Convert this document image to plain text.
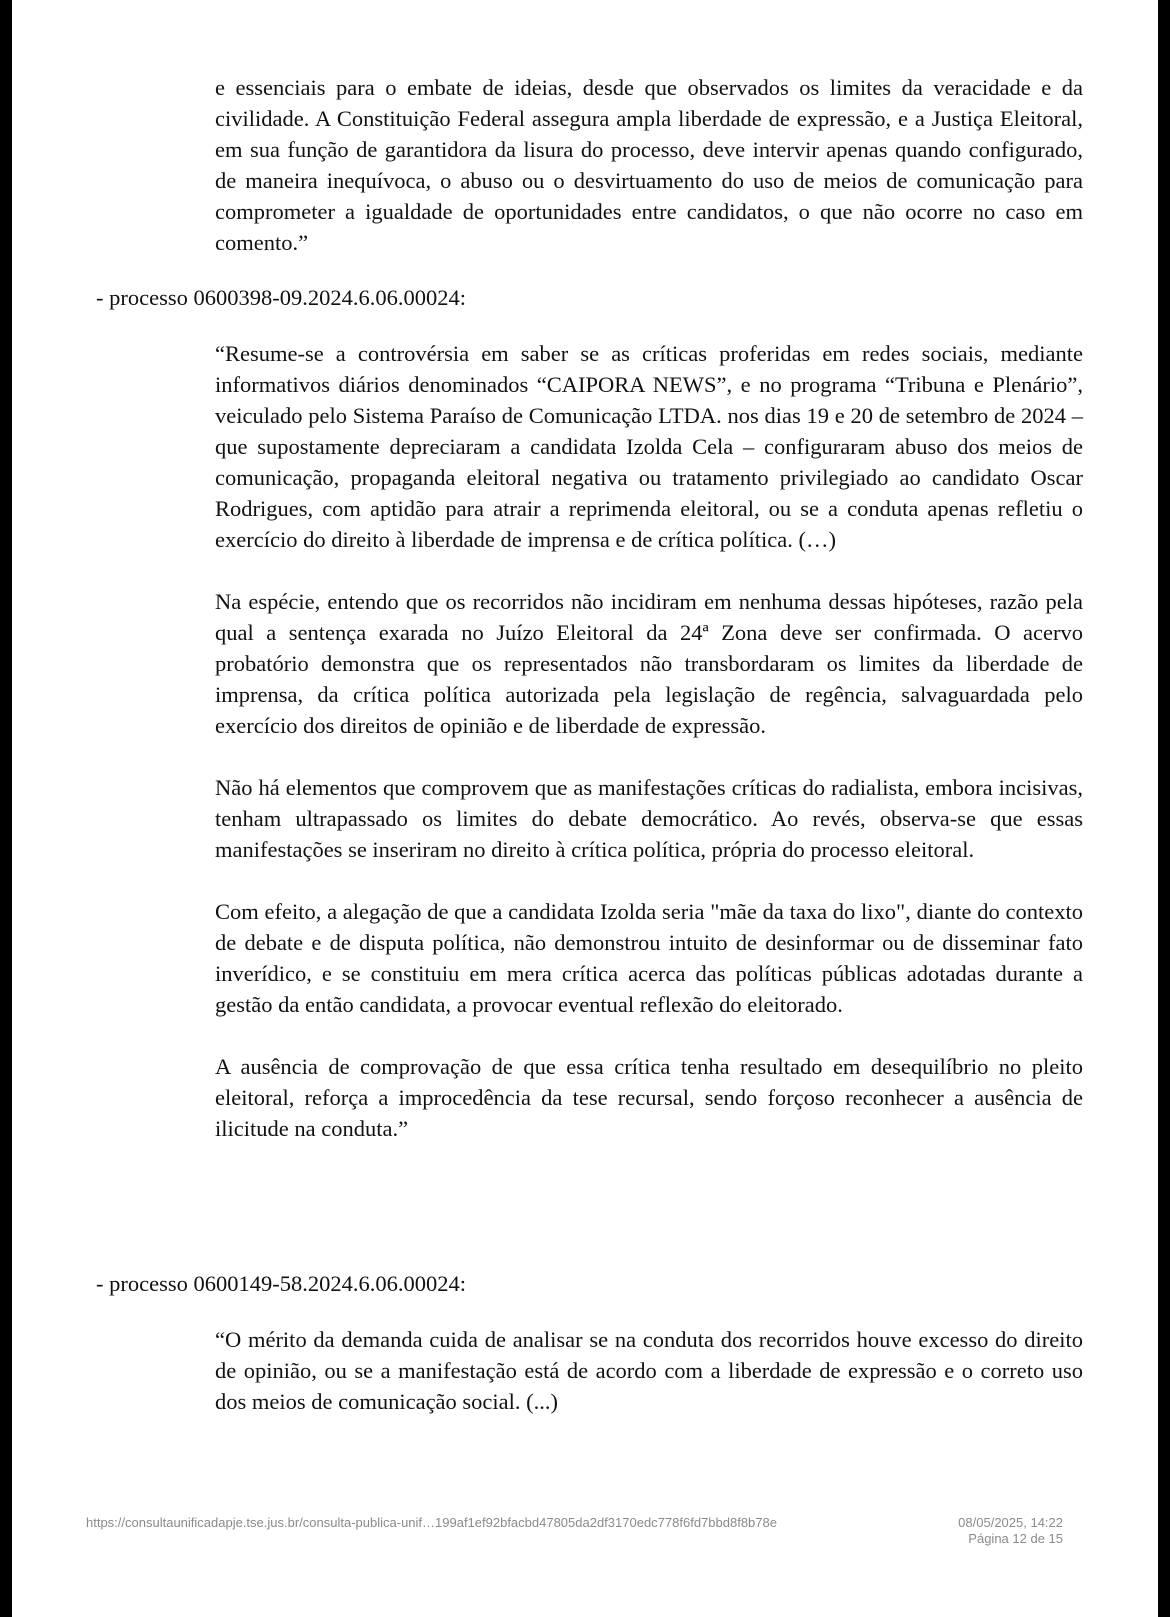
e essenciais para o embate de ideias, desde que observados os limites da veracidade e da civilidade. A Constituição Federal assegura ampla liberdade de expressão, e a Justiça Eleitoral, em sua função de garantidora da lisura do processo, deve intervir apenas quando configurado, de maneira inequívoca, o abuso ou o desvirtuamento do uso de meios de comunicação para comprometer a igualdade de oportunidades entre candidatos, o que não ocorre no caso em comento.”

- processo 0600398-09.2024.6.06.00024:

“Resume-se a controvérsia em saber se as críticas proferidas em redes sociais, mediante informativos diários denominados “CAIPORA NEWS”, e no programa “Tribuna e Plenário”, veiculado pelo Sistema Paraíso de Comunicação LTDA. nos dias 19 e 20 de setembro de 2024 – que supostamente depreciaram a candidata Izolda Cela – configuraram abuso dos meios de comunicação, propaganda eleitoral negativa ou tratamento privilegiado ao candidato Oscar Rodrigues, com aptidão para atrair a reprimenda eleitoral, ou se a conduta apenas refletiu o exercício do direito à liberdade de imprensa e de crítica política. (…)

Na espécie, entendo que os recorridos não incidiram em nenhuma dessas hipóteses, razão pela qual a sentença exarada no Juízo Eleitoral da 24ª Zona deve ser confirmada. O acervo probatório demonstra que os representados não transbordaram os limites da liberdade de imprensa, da crítica política autorizada pela legislação de regência, salvaguardada pelo exercício dos direitos de opinião e de liberdade de expressão.

Não há elementos que comprovem que as manifestações críticas do radialista, embora incisivas, tenham ultrapassado os limites do debate democrático. Ao revés, observa-se que essas manifestações se inseriram no direito à crítica política, própria do processo eleitoral.

Com efeito, a alegação de que a candidata Izolda seria "mãe da taxa do lixo", diante do contexto de debate e de disputa política, não demonstrou intuito de desinformar ou de disseminar fato inverídico, e se constituiu em mera crítica acerca das políticas públicas adotadas durante a gestão da então candidata, a provocar eventual reflexão do eleitorado.

A ausência de comprovação de que essa crítica tenha resultado em desequilíbrio no pleito eleitoral, reforça a improcedência da tese recursal, sendo forçoso reconhecer a ausência de ilicitude na conduta.”

- processo 0600149-58.2024.6.06.00024:

“O mérito da demanda cuida de analisar se na conduta dos recorridos houve excesso do direito de opinião, ou se a manifestação está de acordo com a liberdade de expressão e o correto uso dos meios de comunicação social. (...)

https://consultaunificadapje.tse.jus.br/consulta-publica-unif…199af1ef92bfacbd47805da2df3170edc778f6fd7bbd8f8b78e	08/05/2025, 14:22
Página 12 de 15
